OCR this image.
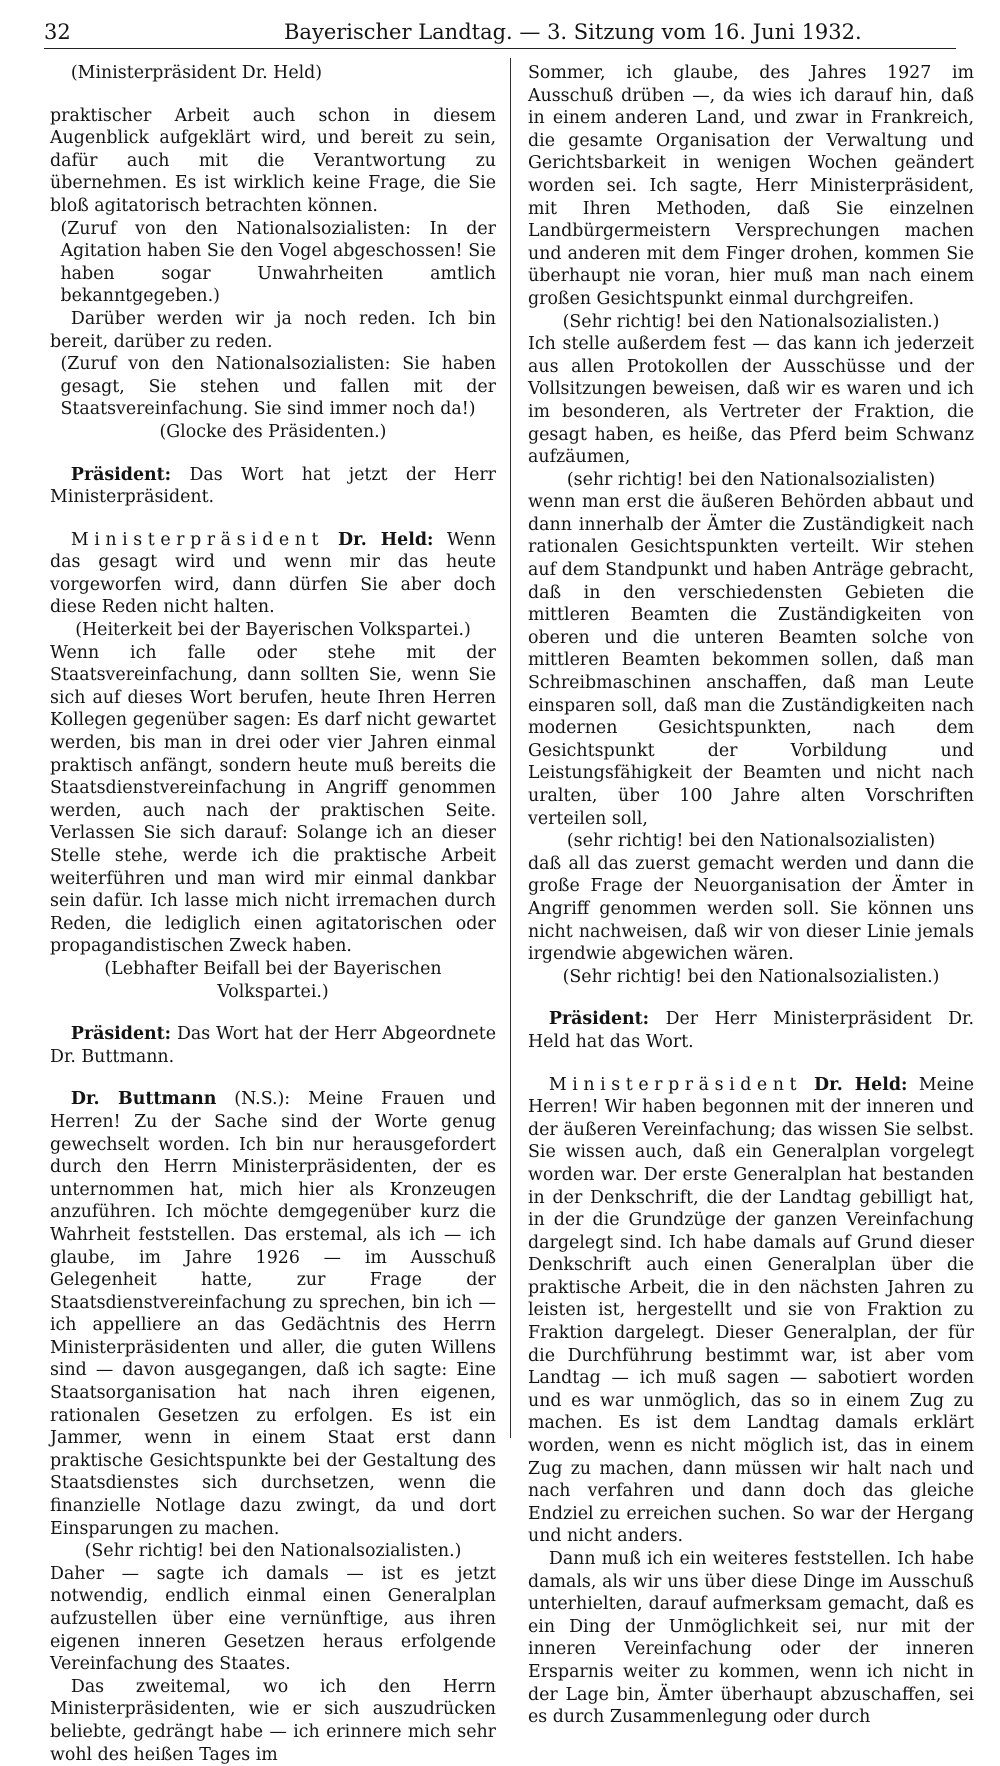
32	Bayerischer Landtag. — 3. Sitzung vom 16. Juni 1932.

(Ministerpräsident Dr. Held)

praktischer Arbeit auch schon in diesem Augenblick aufgeklärt wird, und bereit zu sein, dafür auch mit die Verantwortung zu übernehmen. Es ist wirklich keine Frage, die Sie bloß agitatorisch betrachten können.

(Zuruf von den Nationalsozialisten: In der Agitation haben Sie den Vogel abgeschossen! Sie haben sogar Unwahrheiten amtlich bekanntgegeben.)

Darüber werden wir ja noch reden. Ich bin bereit, darüber zu reden.

(Zuruf von den Nationalsozialisten: Sie haben gesagt, Sie stehen und fallen mit der Staatsvereinfachung. Sie sind immer noch da!)

(Glocke des Präsidenten.)

Präsident: Das Wort hat jetzt der Herr Ministerpräsident.

Ministerpräsident Dr. Held: Wenn das gesagt wird und wenn mir das heute vorgeworfen wird, dann dürfen Sie aber doch diese Reden nicht halten.

(Heiterkeit bei der Bayerischen Volkspartei.)

Wenn ich falle oder stehe mit der Staatsvereinfachung, dann sollten Sie, wenn Sie sich auf dieses Wort berufen, heute Ihren Herren Kollegen gegenüber sagen: Es darf nicht gewartet werden, bis man in drei oder vier Jahren einmal praktisch anfängt, sondern heute muß bereits die Staatsdienstvereinfachung in Angriff genommen werden, auch nach der praktischen Seite. Verlassen Sie sich darauf: Solange ich an dieser Stelle stehe, werde ich die praktische Arbeit weiterführen und man wird mir einmal dankbar sein dafür. Ich lasse mich nicht irremachen durch Reden, die lediglich einen agitatorischen oder propagandistischen Zweck haben.

(Lebhafter Beifall bei der Bayerischen Volkspartei.)

Präsident: Das Wort hat der Herr Abgeordnete Dr. Buttmann.

Dr. Buttmann (N.S.): Meine Frauen und Herren! Zu der Sache sind der Worte genug gewechselt worden. Ich bin nur herausgefordert durch den Herrn Ministerpräsidenten, der es unternommen hat, mich hier als Kronzeugen anzuführen. Ich möchte demgegenüber kurz die Wahrheit feststellen. Das erstemal, als ich — ich glaube, im Jahre 1926 — im Ausschuß Gelegenheit hatte, zur Frage der Staatsdienstvereinfachung zu sprechen, bin ich — ich appelliere an das Gedächtnis des Herrn Ministerpräsidenten und aller, die guten Willens sind — davon ausgegangen, daß ich sagte: Eine Staatsorganisation hat nach ihren eigenen, rationalen Gesetzen zu erfolgen. Es ist ein Jammer, wenn in einem Staat erst dann praktische Gesichtspunkte bei der Gestaltung des Staatsdienstes sich durchsetzen, wenn die finanzielle Notlage dazu zwingt, da und dort Einsparungen zu machen.

(Sehr richtig! bei den Nationalsozialisten.)

Daher — sagte ich damals — ist es jetzt notwendig, endlich einmal einen Generalplan aufzustellen über eine vernünftige, aus ihren eigenen inneren Gesetzen heraus erfolgende Vereinfachung des Staates.

Das zweitemal, wo ich den Herrn Ministerpräsidenten, wie er sich auszudrücken beliebte, gedrängt habe — ich erinnere mich sehr wohl des heißen Tages im

Sommer, ich glaube, des Jahres 1927 im Ausschuß drüben —, da wies ich darauf hin, daß in einem anderen Land, und zwar in Frankreich, die gesamte Organisation der Verwaltung und Gerichtsbarkeit in wenigen Wochen geändert worden sei. Ich sagte, Herr Ministerpräsident, mit Ihren Methoden, daß Sie einzelnen Landbürgermeistern Versprechungen machen und anderen mit dem Finger drohen, kommen Sie überhaupt nie voran, hier muß man nach einem großen Gesichtspunkt einmal durchgreifen.

(Sehr richtig! bei den Nationalsozialisten.)

Ich stelle außerdem fest — das kann ich jederzeit aus allen Protokollen der Ausschüsse und der Vollsitzungen beweisen, daß wir es waren und ich im besonderen, als Vertreter der Fraktion, die gesagt haben, es heiße, das Pferd beim Schwanz aufzäumen,

(sehr richtig! bei den Nationalsozialisten)

wenn man erst die äußeren Behörden abbaut und dann innerhalb der Ämter die Zuständigkeit nach rationalen Gesichtspunkten verteilt. Wir stehen auf dem Standpunkt und haben Anträge gebracht, daß in den verschiedensten Gebieten die mittleren Beamten die Zuständigkeiten von oberen und die unteren Beamten solche von mittleren Beamten bekommen sollen, daß man Schreibmaschinen anschaffen, daß man Leute einsparen soll, daß man die Zuständigkeiten nach modernen Gesichtspunkten, nach dem Gesichtspunkt der Vorbildung und Leistungsfähigkeit der Beamten und nicht nach uralten, über 100 Jahre alten Vorschriften verteilen soll,

(sehr richtig! bei den Nationalsozialisten)

daß all das zuerst gemacht werden und dann die große Frage der Neuorganisation der Ämter in Angriff genommen werden soll. Sie können uns nicht nachweisen, daß wir von dieser Linie jemals irgendwie abgewichen wären.

(Sehr richtig! bei den Nationalsozialisten.)

Präsident: Der Herr Ministerpräsident Dr. Held hat das Wort.

Ministerpräsident Dr. Held: Meine Herren! Wir haben begonnen mit der inneren und der äußeren Vereinfachung; das wissen Sie selbst. Sie wissen auch, daß ein Generalplan vorgelegt worden war. Der erste Generalplan hat bestanden in der Denkschrift, die der Landtag gebilligt hat, in der die Grundzüge der ganzen Vereinfachung dargelegt sind. Ich habe damals auf Grund dieser Denkschrift auch einen Generalplan über die praktische Arbeit, die in den nächsten Jahren zu leisten ist, hergestellt und sie von Fraktion zu Fraktion dargelegt. Dieser Generalplan, der für die Durchführung bestimmt war, ist aber vom Landtag — ich muß sagen — sabotiert worden und es war unmöglich, das so in einem Zug zu machen. Es ist dem Landtag damals erklärt worden, wenn es nicht möglich ist, das in einem Zug zu machen, dann müssen wir halt nach und nach verfahren und dann doch das gleiche Endziel zu erreichen suchen. So war der Hergang und nicht anders.

Dann muß ich ein weiteres feststellen. Ich habe damals, als wir uns über diese Dinge im Ausschuß unterhielten, darauf aufmerksam gemacht, daß es ein Ding der Unmöglichkeit sei, nur mit der inneren Vereinfachung oder der inneren Ersparnis weiter zu kommen, wenn ich nicht in der Lage bin, Ämter überhaupt abzuschaffen, sei es durch Zusammenlegung oder durch
